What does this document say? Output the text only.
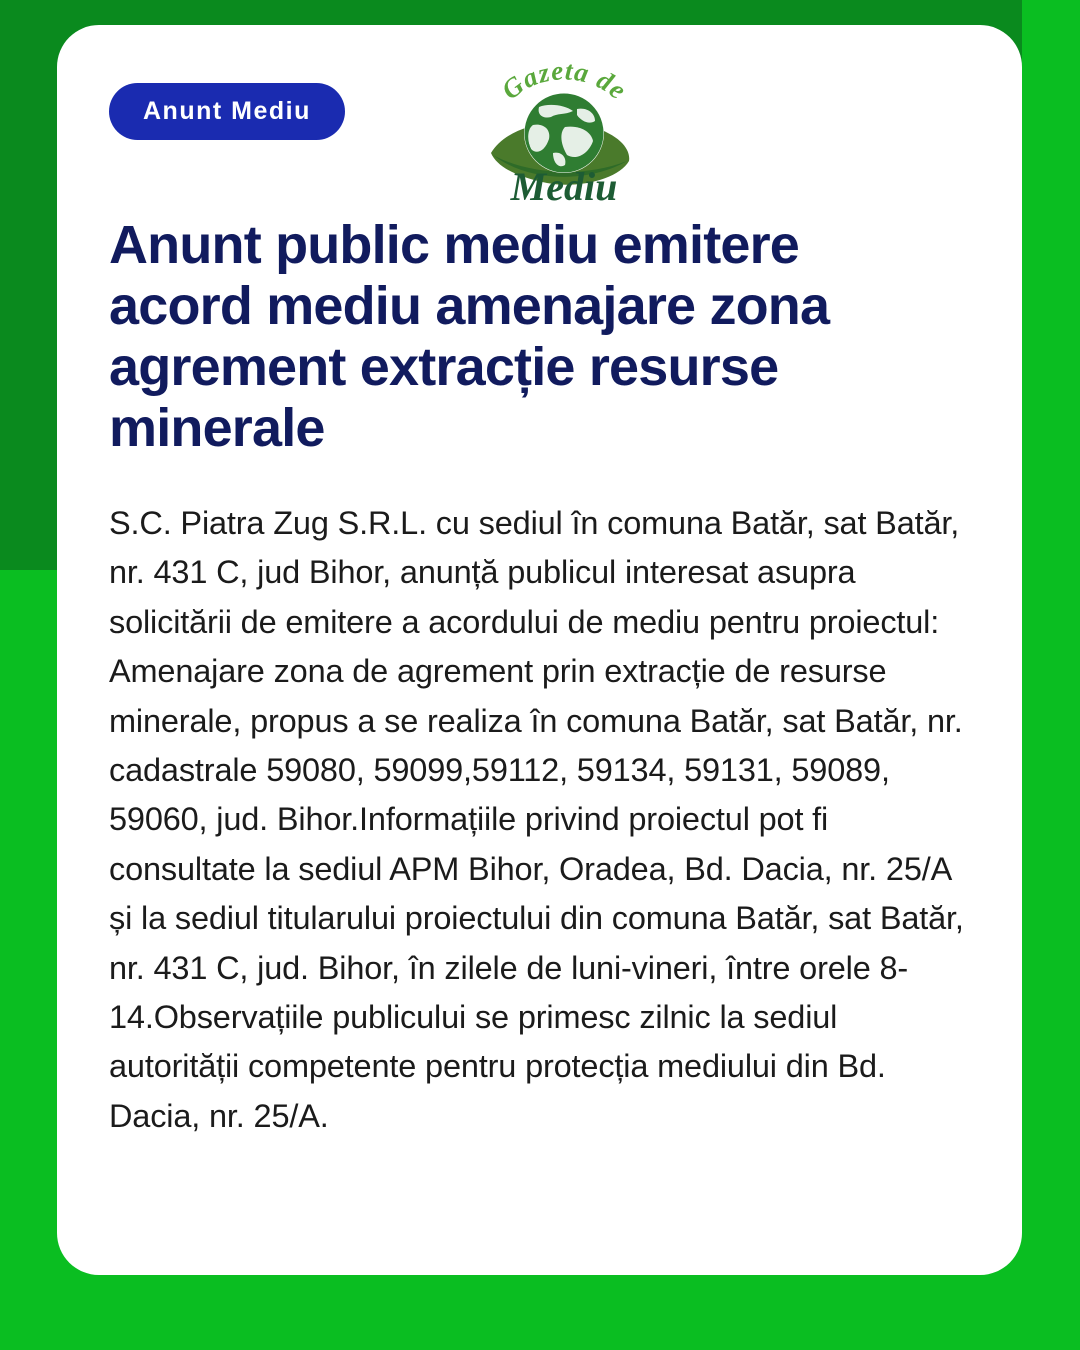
Anunt Mediu
Gazeta de
Mediu
Anunt public mediu emitere acord mediu amenajare zona agrement extracție resurse minerale

S.C. Piatra Zug S.R.L. cu sediul în comuna Batăr, sat Batăr, nr. 431 C, jud Bihor, anunță publicul interesat asupra solicitării de emitere a acordului de mediu pentru proiectul: Amenajare zona de agrement prin extracție de resurse minerale, propus a se realiza în comuna Batăr, sat Batăr, nr. cadastrale 59080, 59099,59112, 59134, 59131, 59089, 59060, jud. Bihor.Informațiile privind proiectul pot fi consultate la sediul APM Bihor, Oradea, Bd. Dacia, nr. 25/A și la sediul titularului proiectului din comuna Batăr, sat Batăr, nr. 431 C, jud. Bihor, în zilele de luni-vineri, între orele 8-14.Observațiile publicului se primesc zilnic la sediul autorității competente pentru protecția mediului din Bd. Dacia, nr. 25/A.
